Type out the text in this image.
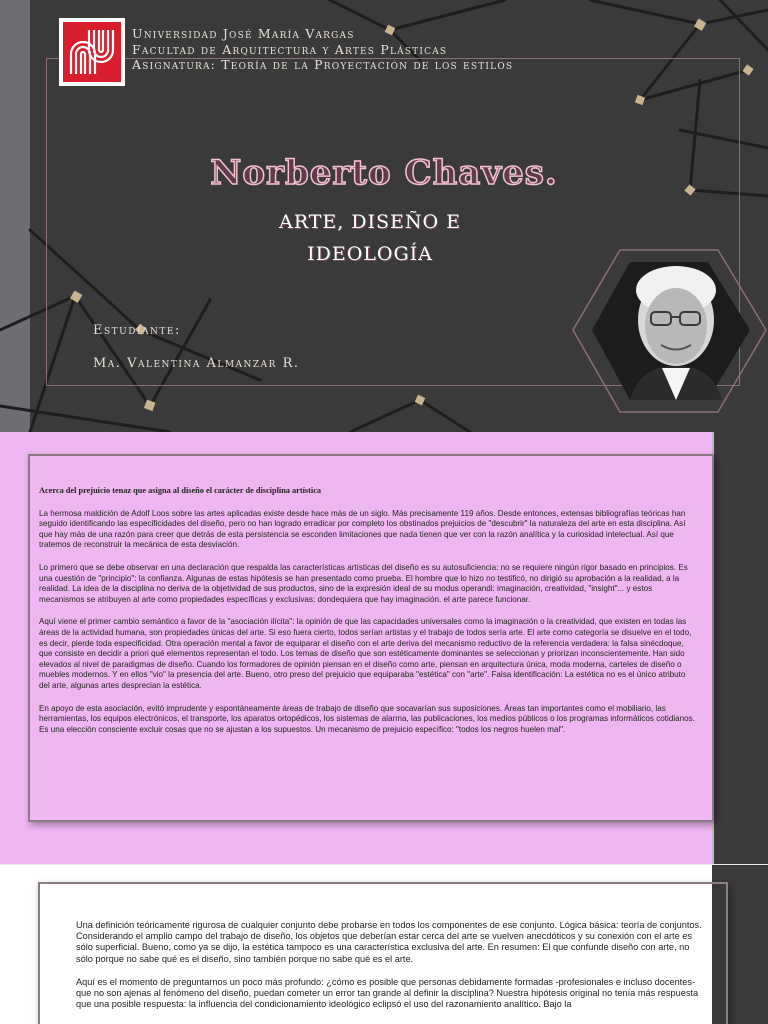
Universidad José María Vargas
Facultad de Arquitectura y Artes Plásticas
Asignatura: Teoría de la Proyectación de los estilos
Norberto Chaves.
ARTE, DISEÑO E
IDEOLOGÍA
Estudiante:
Ma. Valentina Almanzar R.
Acerca del prejuicio tenaz que asigna al diseño el carácter de disciplina artística

La hermosa maldición de Adolf Loos sobre las artes aplicadas existe desde hace más de un siglo. Más precisamente 119 años. Desde entonces, extensas bibliografías teóricas han seguido identificando las especificidades del diseño, pero no han logrado erradicar por completo los obstinados prejuicios de "descubrir" la naturaleza del arte en esta disciplina. Así que hay más de una razón para creer que detrás de esta persistencia se esconden limitaciones que nada tienen que ver con la razón analítica y la curiosidad intelectual. Así que tratemos de reconstruir la mecánica de esta desviación.

Lo primero que se debe observar en una declaración que respalda las características artísticas del diseño es su autosuficiencia: no se requiere ningún rigor basado en principios. Es una cuestión de "principio": la confianza. Algunas de estas hipótesis se han presentado como prueba. El hombre que lo hizo no testificó, no dirigió su aprobación a la realidad, a la realidad. La idea de la disciplina no deriva de la objetividad de sus productos, sino de la expresión ideal de su modus operandi: imaginación, creatividad, "insight"... y estos mecanismos se atribuyen al arte como propiedades específicas y exclusivas: dondequiera que hay imaginación. el arte parece funcionar.

Aquí viene el primer cambio semántico a favor de la "asociación ilícita": la opinión de que las capacidades universales como la imaginación o la creatividad, que existen en todas las áreas de la actividad humana, son propiedades únicas del arte. Si eso fuera cierto, todos serían artistas y el trabajo de todos sería arte. El arte como categoría se disuelve en el todo, es decir, pierde toda especificidad. Otra operación mental a favor de equiparar el diseño con el arte deriva del mecanismo reductivo de la referencia verdadera: la falsa sinécdoque, que consiste en decidir a priori qué elementos representan el todo. Los temas de diseño que son estéticamente dominantes se seleccionan y priorizan inconscientemente. Han sido elevados al nivel de paradigmas de diseño. Cuando los formadores de opinión piensan en el diseño como arte, piensan en arquitectura única, moda moderna, carteles de diseño o muebles modernos. Y en ellos "vio" la presencia del arte. Bueno, otro preso del prejuicio que equiparaba "estética" con "arte". Falsa identificación: La estética no es el único atributo del arte, algunas artes desprecian la estética.

En apoyo de esta asociación, evitó imprudente y espontáneamente áreas de trabajo de diseño que socavarían sus suposiciones. Áreas tan importantes como el mobiliario, las herramientas, los equipos electrónicos, el transporte, los aparatos ortopédicos, los sistemas de alarma, las publicaciones, los medios públicos o los programas informáticos cotidianos. Es una elección consciente excluir cosas que no se ajustan a los supuestos. Un mecanismo de prejuicio específico: "todos los negros huelen mal".

Una definición teóricamente rigurosa de cualquier conjunto debe probarse en todos los componentes de ese conjunto. Lógica básica: teoría de conjuntos. Considerando el amplio campo del trabajo de diseño, los objetos que deberían estar cerca del arte se vuelven anecdóticos y su conexión con el arte es sólo superficial. Bueno, como ya se dijo, la estética tampoco es una característica exclusiva del arte. En resumen: El que confunde diseño con arte, no sólo porque no sabe qué es el diseño, sino también porque no sabe qué es el arte.

Aquí es el momento de preguntarnos un poco más profundo: ¿cómo es posible que personas debidamente formadas -profesionales e incluso docentes- que no son ajenas al fenómeno del diseño, puedan cometer un error tan grande al definir la disciplina? Nuestra hipótesis original no tenía más respuesta que una posible respuesta: la influencia del condicionamiento ideológico eclipsó el uso del razonamiento analítico. Bajo la
